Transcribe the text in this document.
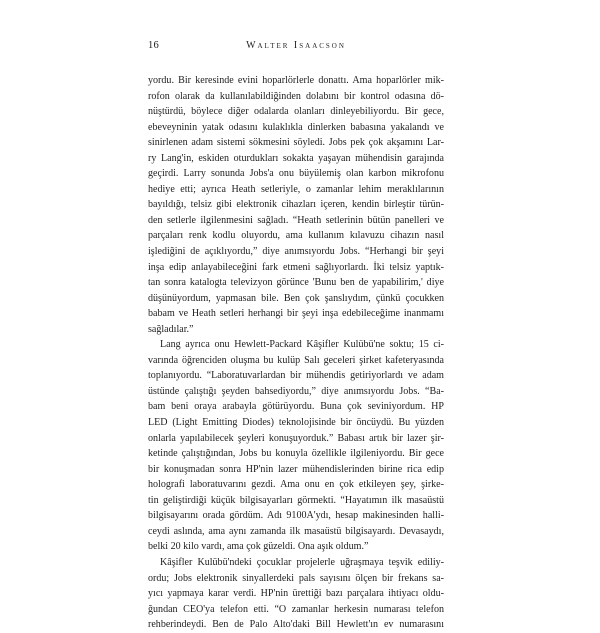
16	Walter Isaacson
yordu. Bir keresinde evini hoparlörlerle donattı. Ama hoparlörler mik-
rofon olarak da kullanılabildiğinden dolabını bir kontrol odasına dö-
nüştürdü, böylece diğer odalarda olanları dinleyebiliyordu. Bir gece,
ebeveyninin yatak odasını kulaklıkla dinlerken babasına yakalandı ve
sinirlenen adam sistemi sökmesini söyledi. Jobs pek çok akşamını Lar-
ry Lang'in, eskiden oturdukları sokakta yaşayan mühendisin garajında
geçirdi. Larry sonunda Jobs'a onu büyülemiş olan karbon mikrofonu
hediye etti; ayrıca Heath setleriyle, o zamanlar lehim meraklılarının
bayıldığı, telsiz gibi elektronik cihazları içeren, kendin birleştir türün-
den setlerle ilgilenmesini sağladı. “Heath setlerinin bütün panelleri ve
parçaları renk kodlu oluyordu, ama kullanım kılavuzu cihazın nasıl
işlediğini de açıklıyordu,” diye anımsıyordu Jobs. “Herhangi bir şeyi
inşa edip anlayabileceğini fark etmeni sağlıyorlardı. İki telsiz yaptık-
tan sonra katalogta televizyon görünce 'Bunu ben de yapabilirim,' diye
düşünüyordum, yapmasan bile. Ben çok şanslıydım, çünkü çocukken
babam ve Heath setleri herhangi bir şeyi inşa edebileceğime inanmamı
sağladılar.”
Lang ayrıca onu Hewlett-Packard Kâşifler Kulübü'ne soktu; 15 ci-
varında öğrenciden oluşma bu kulüp Salı geceleri şirket kafeteryasında
toplanıyordu. “Laboratuvarlardan bir mühendis getiriyorlardı ve adam
üstünde çalıştığı şeyden bahsediyordu,” diye anımsıyordu Jobs. “Ba-
bam beni oraya arabayla götürüyordu. Buna çok seviniyordum. HP
LED (Light Emitting Diodes) teknolojisinde bir öncüydü. Bu yüzden
onlarla yapılabilecek şeyleri konuşuyorduk.” Babası artık bir lazer şir-
ketinde çalıştığından, Jobs bu konuyla özellikle ilgileniyordu. Bir gece
bir konuşmadan sonra HP'nin lazer mühendislerinden birine rica edip
holografi laboratuvarını gezdi. Ama onu en çok etkileyen şey, şirke-
tin geliştirdiği küçük bilgisayarları görmekti. “Hayatımın ilk masaüstü
bilgisayarını orada gördüm. Adı 9100A'ydı, hesap makinesinden halli-
ceydi aslında, ama aynı zamanda ilk masaüstü bilgisayardı. Devasaydı,
belki 20 kilo vardı, ama çok güzeldi. Ona aşık oldum.”
Kâşifler Kulübü'ndeki çocuklar projelerle uğraşmaya teşvik ediliy-
ordu; Jobs elektronik sinyallerdeki pals sayısını ölçen bir frekans sa-
yıcı yapmaya karar verdi. HP'nin ürettiği bazı parçalara ihtiyacı oldu-
ğundan CEO'ya telefon etti. “O zamanlar herkesin numarası telefon
rehberindeydi. Ben de Palo Alto'daki Bill Hewlett'ın ev numarasını
